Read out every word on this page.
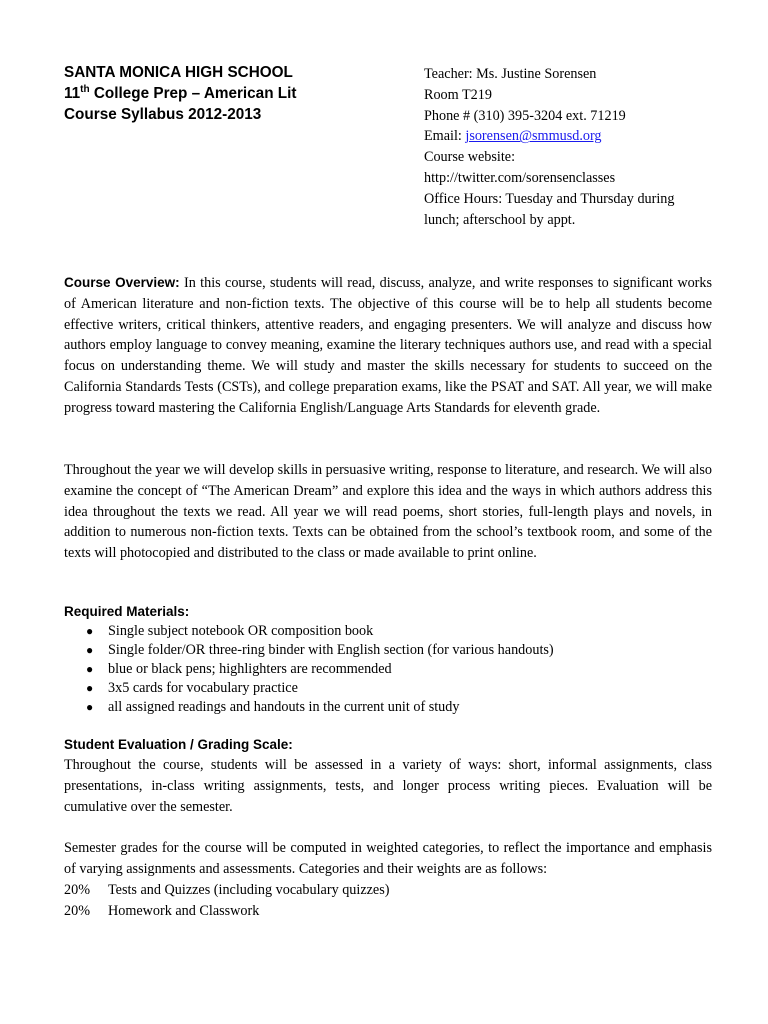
SANTA MONICA HIGH SCHOOL
11th College Prep – American Lit
Course Syllabus 2012-2013
Teacher: Ms. Justine Sorensen
Room T219
Phone # (310) 395-3204 ext. 71219
Email: jsorensen@smmusd.org
Course website:
http://twitter.com/sorensenclasses
Office Hours: Tuesday and Thursday during
lunch; afterschool by appt.

Course Overview: In this course, students will read, discuss, analyze, and write responses to significant works of American literature and non-fiction texts. The objective of this course will be to help all students become effective writers, critical thinkers, attentive readers, and engaging presenters. We will analyze and discuss how authors employ language to convey meaning, examine the literary techniques authors use, and read with a special focus on understanding theme. We will study and master the skills necessary for students to succeed on the California Standards Tests (CSTs), and college preparation exams, like the PSAT and SAT. All year, we will make progress toward mastering the California English/Language Arts Standards for eleventh grade.

Throughout the year we will develop skills in persuasive writing, response to literature, and research. We will also examine the concept of “The American Dream” and explore this idea and the ways in which authors address this idea throughout the texts we read. All year we will read poems, short stories, full-length plays and novels, in addition to numerous non-fiction texts. Texts can be obtained from the school’s textbook room, and some of the texts will photocopied and distributed to the class or made available to print online.

Required Materials:
● Single subject notebook OR composition book
● Single folder/OR three-ring binder with English section (for various handouts)
● blue or black pens; highlighters are recommended
● 3x5 cards for vocabulary practice
● all assigned readings and handouts in the current unit of study
Student Evaluation / Grading Scale:

Throughout the course, students will be assessed in a variety of ways: short, informal assignments, class presentations, in-class writing assignments, tests, and longer process writing pieces. Evaluation will be cumulative over the semester.

Semester grades for the course will be computed in weighted categories, to reflect the importance and emphasis of varying assignments and assessments. Categories and their weights are as follows:

20%	Tests and Quizzes (including vocabulary quizzes)
20%	Homework and Classwork
